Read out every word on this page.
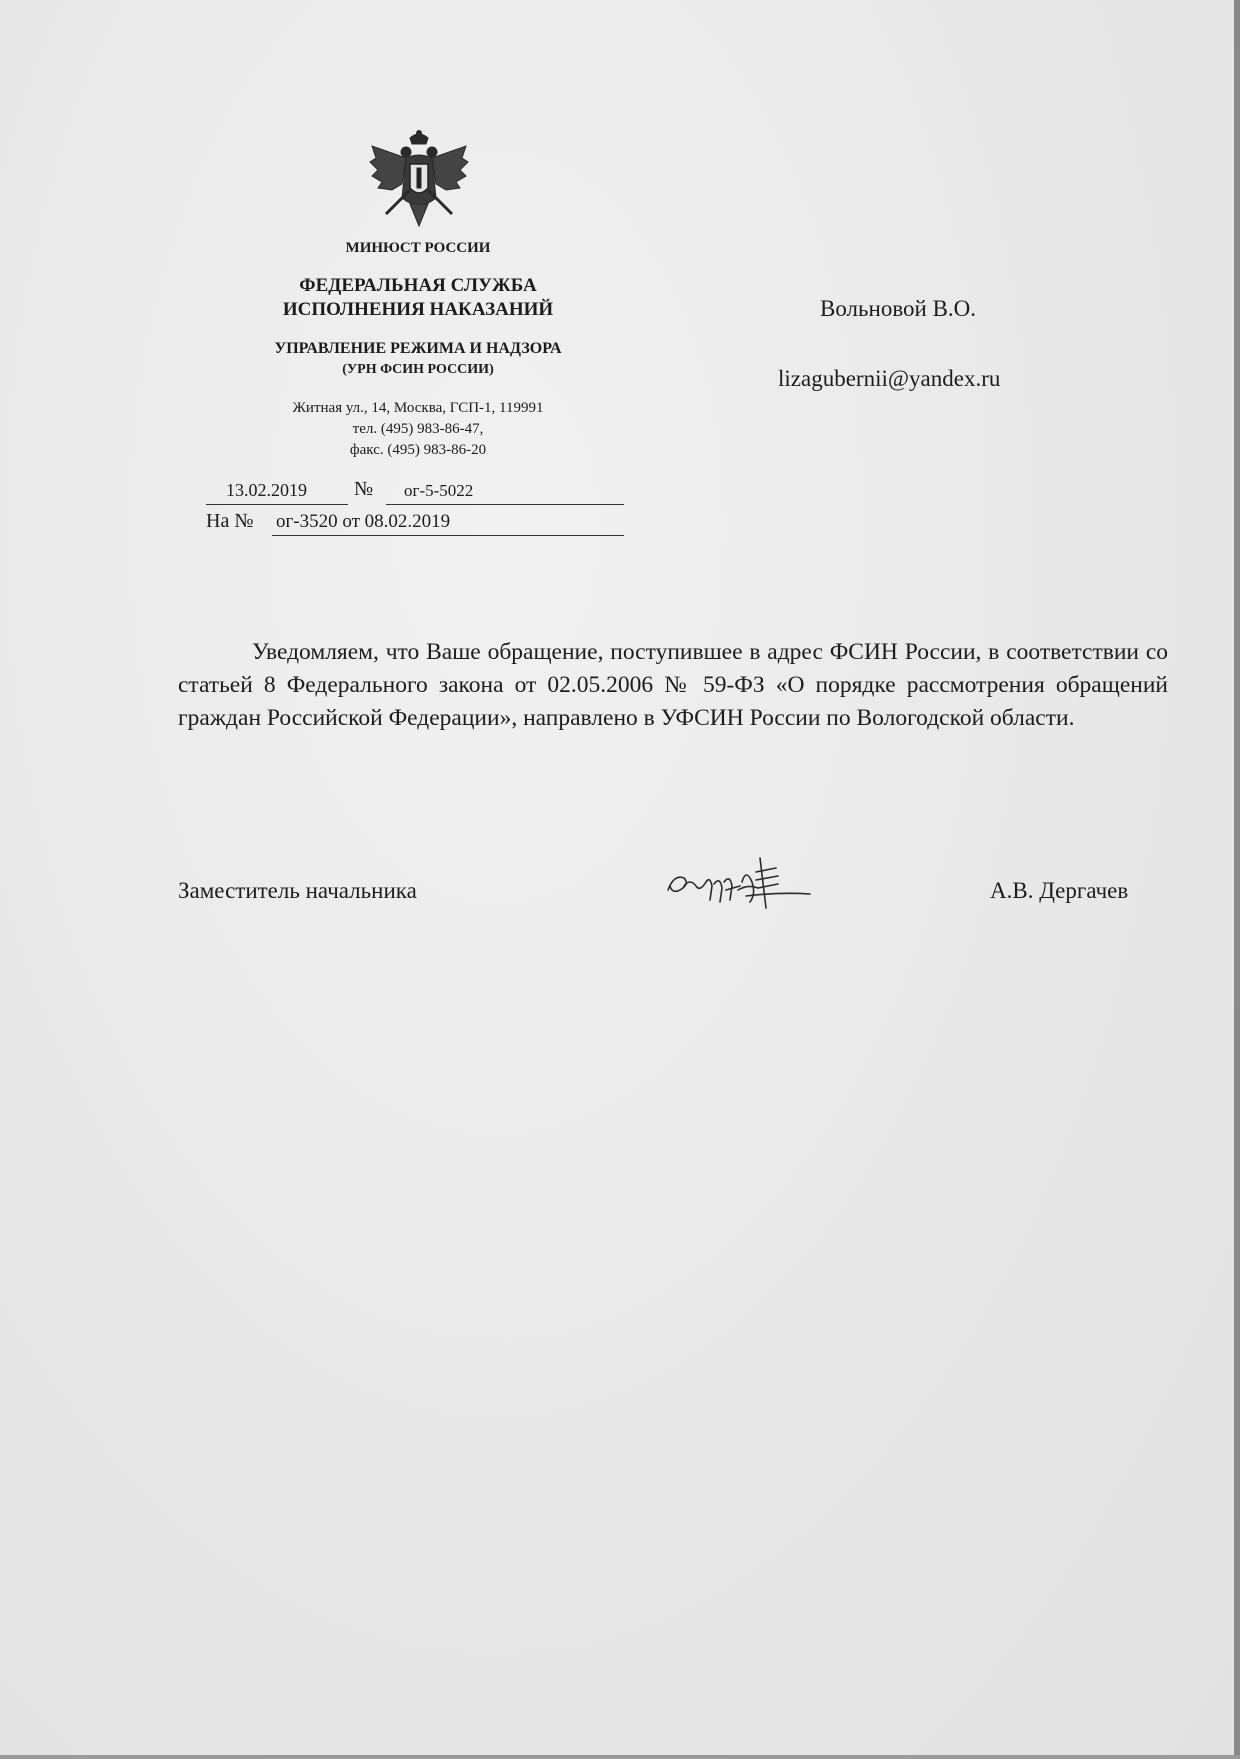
МИНЮСТ РОССИИ
ФЕДЕРАЛЬНАЯ СЛУЖБА
ИСПОЛНЕНИЯ НАКАЗАНИЙ
УПРАВЛЕНИЕ РЕЖИМА И НАДЗОРА
(УРН ФСИН РОССИИ)
Житная ул., 14, Москва, ГСП-1, 119991
тел. (495) 983-86-47,
факс. (495) 983-86-20
13.02.2019 № ог-5-5022
На № ог-3520 от 08.02.2019
Вольновой В.О.
lizagubernii@yandex.ru
Уведомляем, что Ваше обращение, поступившее в адрес ФСИН России, в соответствии со статьей 8 Федерального закона от 02.05.2006 № 59-ФЗ «О порядке рассмотрения обращений граждан Российской Федерации», направлено в УФСИН России по Вологодской области.
Заместитель начальника	А.В. Дергачев
